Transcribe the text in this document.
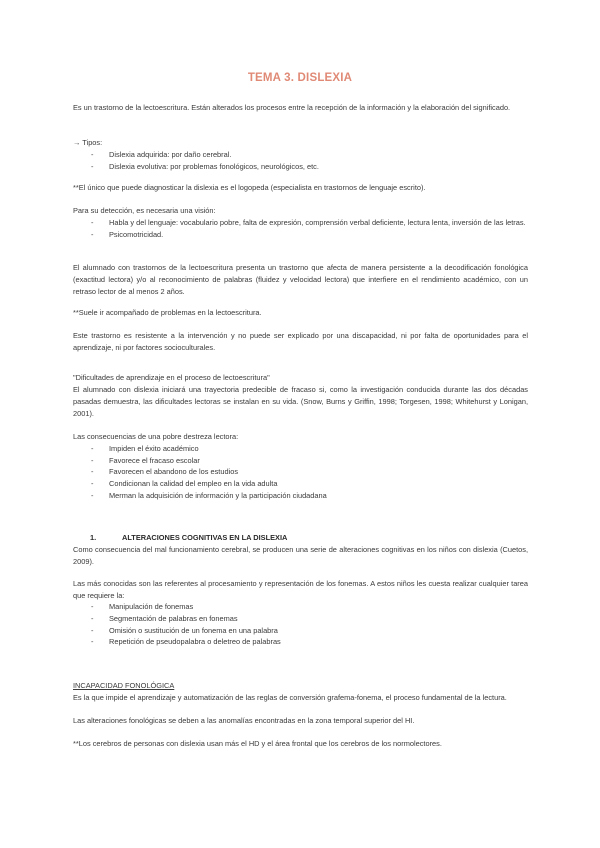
TEMA 3. DISLEXIA
Es un trastorno de la lectoescritura. Están alterados los procesos entre la recepción de la información y la elaboración del significado.
→ Tipos:
- Dislexia adquirida: por daño cerebral.
- Dislexia evolutiva: por problemas fonológicos, neurológicos, etc.
**El único que puede diagnosticar la dislexia es el logopeda (especialista en trastornos de lenguaje escrito).
Para su detección, es necesaria una visión:
- Habla y del lenguaje: vocabulario pobre, falta de expresión, comprensión verbal deficiente, lectura lenta, inversión de las letras.
- Psicomotricidad.
El alumnado con trastornos de la lectoescritura presenta un trastorno que afecta de manera persistente a la decodificación fonológica (exactitud lectora) y/o al reconocimiento de palabras (fluidez y velocidad lectora) que interfiere en el rendimiento académico, con un retraso lector de al menos 2 años.
**Suele ir acompañado de problemas en la lectoescritura.
Este trastorno es resistente a la intervención y no puede ser explicado por una discapacidad, ni por falta de oportunidades para el aprendizaje, ni por factores socioculturales.
"Dificultades de aprendizaje en el proceso de lectoescritura"
El alumnado con dislexia iniciará una trayectoria predecible de fracaso si, como la investigación conducida durante las dos décadas pasadas demuestra, las dificultades lectoras se instalan en su vida. (Snow, Burns y Griffin, 1998; Torgesen, 1998; Whitehurst y Lonigan, 2001).
Las consecuencias de una pobre destreza lectora:
- Impiden el éxito académico
- Favorece el fracaso escolar
- Favorecen el abandono de los estudios
- Condicionan la calidad del empleo en la vida adulta
- Merman la adquisición de información y la participación ciudadana
1.	ALTERACIONES COGNITIVAS EN LA DISLEXIA
Como consecuencia del mal funcionamiento cerebral, se producen una serie de alteraciones cognitivas en los niños con dislexia (Cuetos, 2009).
Las más conocidas son las referentes al procesamiento y representación de los fonemas. A estos niños les cuesta realizar cualquier tarea que requiere la:
- Manipulación de fonemas
- Segmentación de palabras en fonemas
- Omisión o sustitución de un fonema en una palabra
- Repetición de pseudopalabra o deletreo de palabras
INCAPACIDAD FONOLÓGICA
Es la que impide el aprendizaje y automatización de las reglas de conversión grafema-fonema, el proceso fundamental de la lectura.
Las alteraciones fonológicas se deben a las anomalías encontradas en la zona temporal superior del HI.
**Los cerebros de personas con dislexia usan más el HD y el área frontal que los cerebros de los normolectores.
